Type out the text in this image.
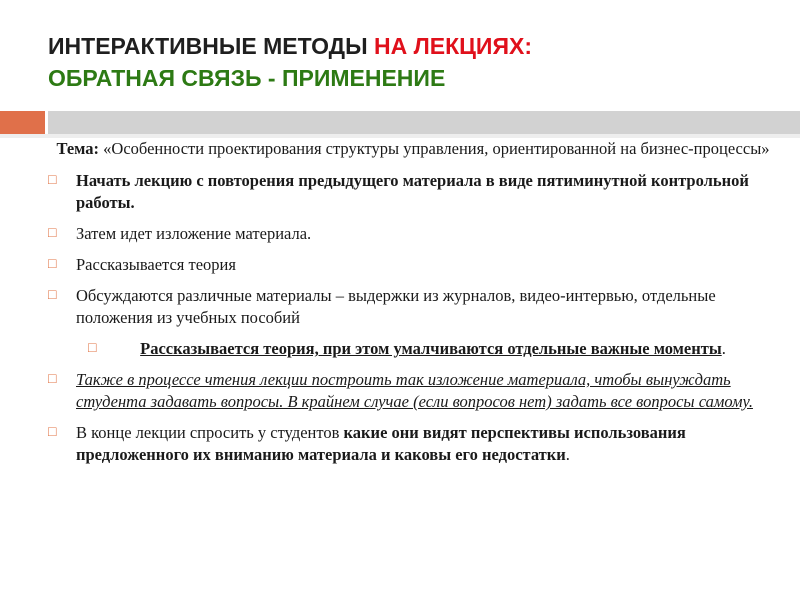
ИНТЕРАКТИВНЫЕ МЕТОДЫ НА ЛЕКЦИЯХ:
ОБРАТНАЯ СВЯЗЬ - ПРИМЕНЕНИЕ

Тема: «Особенности проектирования структуры управления, ориентированной на бизнес-процессы»

□ Начать лекцию с повторения предыдущего материала в виде пятиминутной контрольной работы.
□ Затем идет изложение материала.
□ Рассказывается теория
□ Обсуждаются различные материалы – выдержки из журналов, видео-интервью, отдельные положения из учебных пособий
□	Рассказывается теория, при этом умалчиваются отдельные важные моменты.
□ Также в процессе чтения лекции построить так изложение материала, чтобы вынуждать студента задавать вопросы. В крайнем случае (если вопросов нет) задать все вопросы самому.
□ В конце лекции спросить у студентов какие они видят перспективы использования предложенного их вниманию материала и каковы его недостатки.
